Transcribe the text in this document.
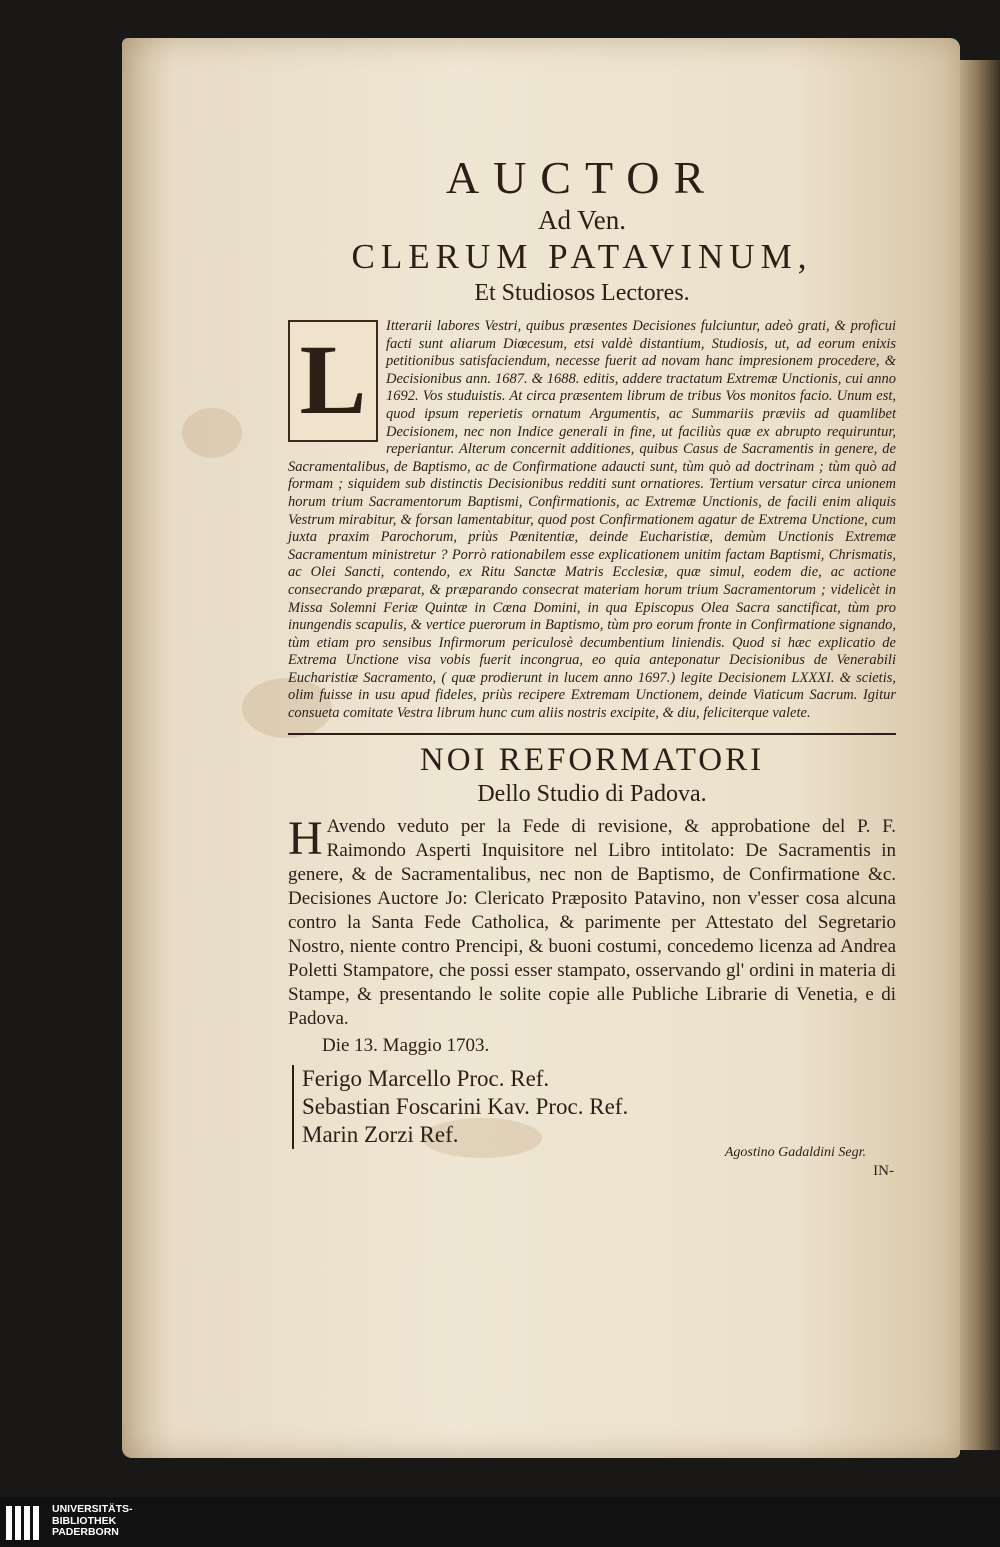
AUCTOR
Ad Ven.
CLERUM PATAVINUM,
Et Studiosos Lectores.

L	Itterarii labores Vestri, quibus præsentes Decisiones fulciuntur, adeò grati, & proficui facti sunt aliarum Diœcesum, etsi valdè distantium, Studiosis, ut, ad eorum enixis petitionibus satisfaciendum, necesse fuerit ad novam hanc impresionem procedere, & Decisionibus ann. 1687. & 1688. editis, addere tractatum Extremæ Unctionis, cui anno 1692. Vos studuistis. At circa præsentem librum de tribus Vos monitos facio. Unum est, quod ipsum reperietis ornatum Argumentis, ac Summariis præviis ad quamlibet Decisionem, nec non Indice generali in fine, ut faciliùs quæ ex abrupto requiruntur, reperiantur. Alterum concernit additiones, quibus Casus de Sacramentis in genere, de Sacramentalibus, de Baptismo, ac de Confirmatione adaucti sunt, tùm quò ad doctrinam ; tùm quò ad formam ; siquidem sub distinctis Decisionibus redditi sunt ornatiores. Tertium versatur circa unionem horum trium Sacramentorum Baptismi, Confirmationis, ac Extremæ Unctionis, de facili enim aliquis Vestrum mirabitur, & forsan lamentabitur, quod post Confirmationem agatur de Extrema Unctione, cum juxta praxim Parochorum, priùs Pœnitentiæ, deinde Eucharistiæ, demùm Unctionis Extremæ Sacramentum ministretur ? Porrò rationabilem esse explicationem unitim factam Baptismi, Chrismatis, ac Olei Sancti, contendo, ex Ritu Sanctæ Matris Ecclesiæ, quæ simul, eodem die, ac actione consecrando præparat, & præparando consecrat materiam horum trium Sacramentorum ; videlicèt in Missa Solemni Feriæ Quintæ in Cœna Domini, in qua Episcopus Olea Sacra sanctificat, tùm pro inungendis scapulis, & vertice puerorum in Baptismo, tùm pro eorum fronte in Confirmatione signando, tùm etiam pro sensibus Infirmorum periculosè decumbentium liniendis. Quod si hæc explicatio de Extrema Unctione visa vobis fuerit incongrua, eo quia anteponatur Decisionibus de Venerabili Eucharistiæ Sacramento, ( quæ prodierunt in lucem anno 1697.) legite Decisionem LXXXI. & scietis, olim fuisse in usu apud fideles, priùs recipere Extremam Unctionem, deinde Viaticum Sacrum. Igitur consueta comitate Vestra librum hunc cum aliis nostris excipite, & diu, feliciterque valete.

NOI REFORMATORI
Dello Studio di Padova.

H Avendo veduto per la Fede di revisione, & approbatione del P. F. Raimondo Asperti Inquisitore nel Libro intitolato: De Sacramentis in genere, & de Sacramentalibus, nec non de Baptismo, de Confirmatione &c. Decisiones Auctore Jo: Clericato Præposito Patavino, non v'esser cosa alcuna contro la Santa Fede Catholica, & parimente per Attestato del Segretario Nostro, niente contro Prencipi, & buoni costumi, concedemo licenza ad Andrea Poletti Stampatore, che possi esser stampato, osservando gl' ordini in materia di Stampe, & presentando le solite copie alle Publiche Librarie di Venetia, e di Padova.

Die 13. Maggio 1703.
Ferigo Marcello Proc. Ref.
Sebastian Foscarini Kav. Proc. Ref.
Marin Zorzi Ref.
Agostino Gadaldini Segr.
IN-
UNIVERSITÄTS-
BIBLIOTHEK
PADERBORN
